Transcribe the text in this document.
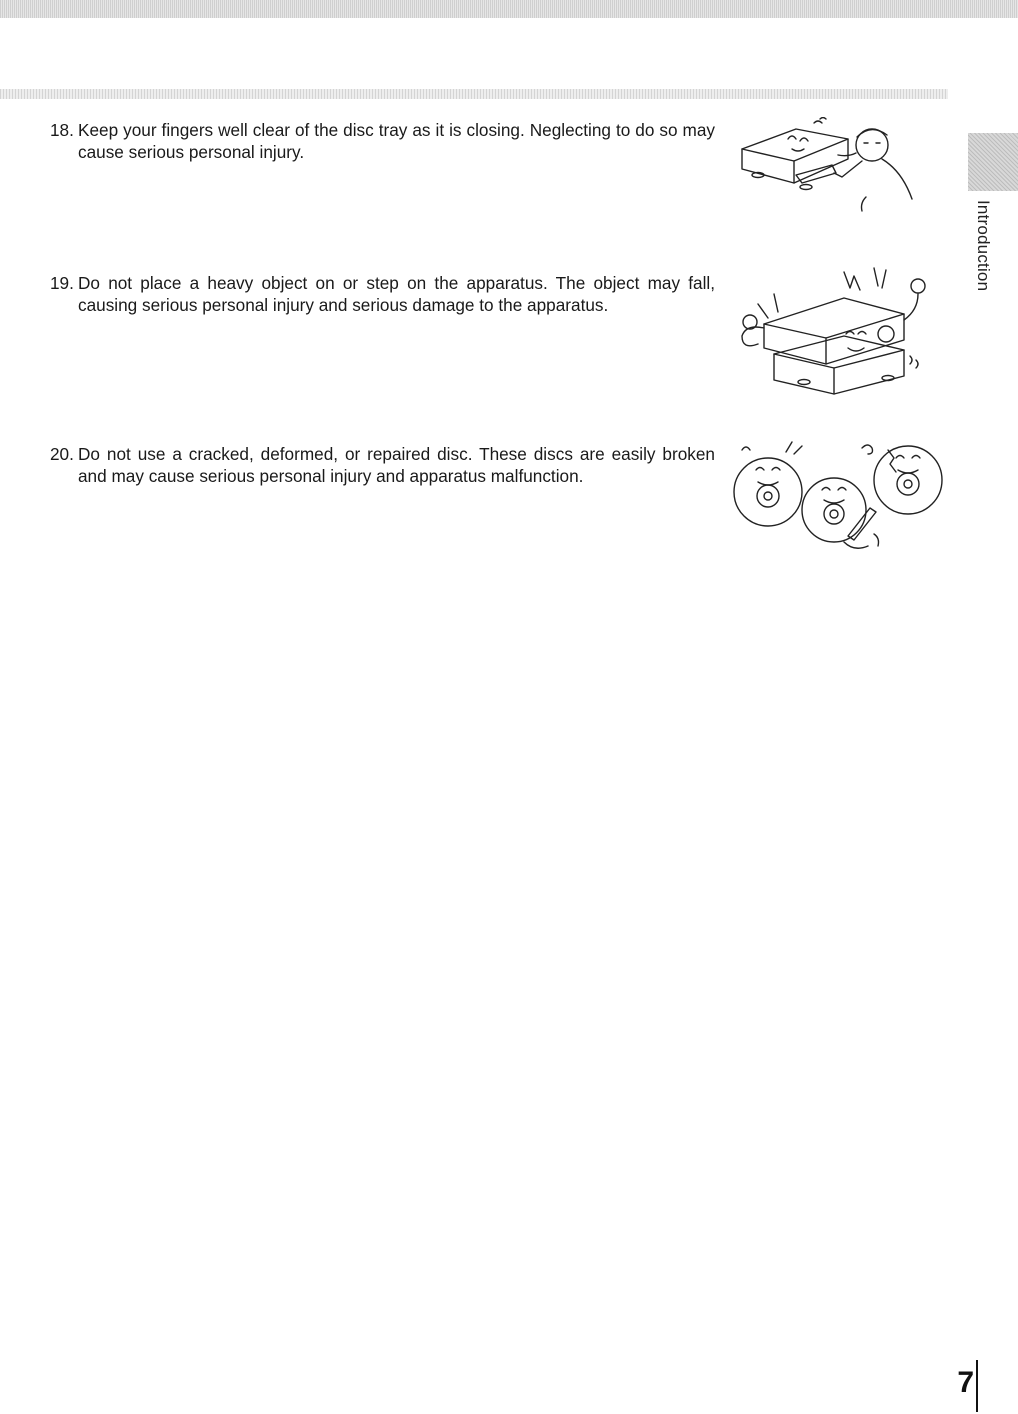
Introduction
18. Keep your fingers well clear of the disc tray as it is closing. Neglecting to do so may cause serious personal injury.
19. Do not place a heavy object on or step on the apparatus. The object may fall, causing serious personal injury and serious damage to the apparatus.
20. Do not use a cracked, deformed, or repaired disc. These discs are easily broken and may cause serious personal injury and apparatus malfunction.
7
